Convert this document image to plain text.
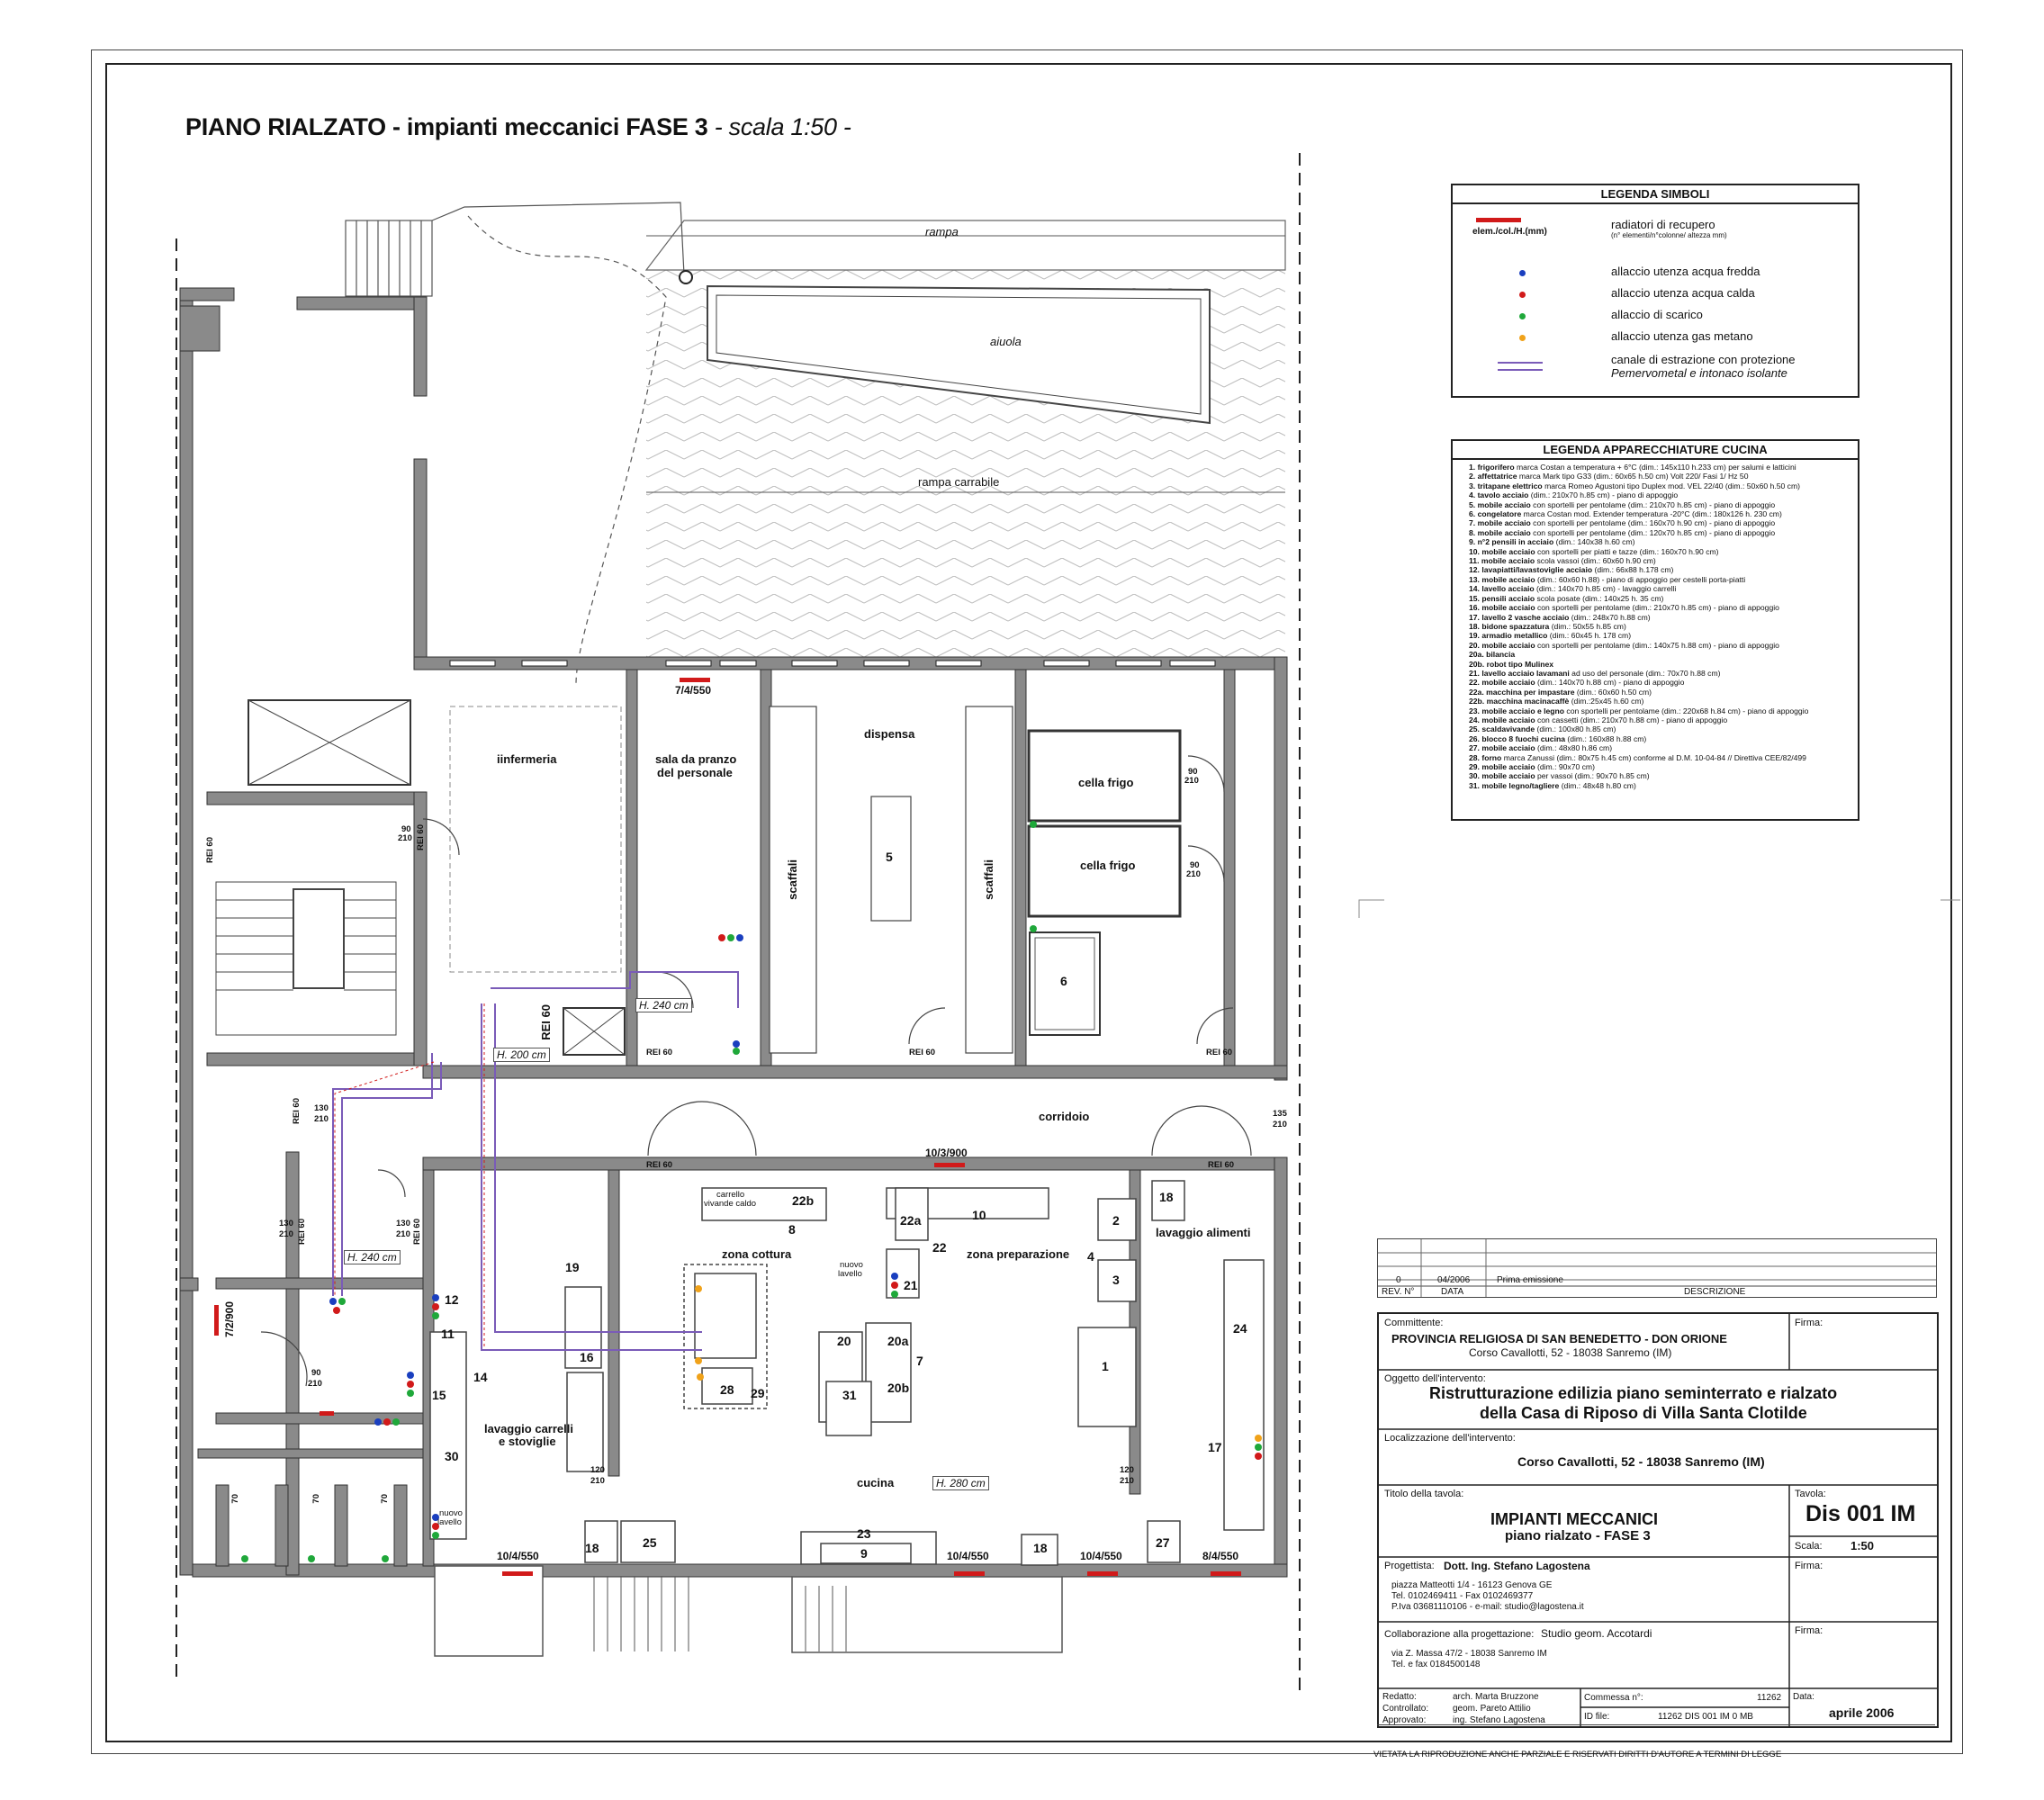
PIANO RIALZATO - impianti meccanici FASE 3 - scala 1:50 -
rampa
aiuola
rampa carrabile
iinfermeria	sala da pranzo
del personale
dispensa
scaffali	scaffali
cella frigo
cella frigo
corridoio
zona cottura	zona preparazione
lavaggio alimenti
lavaggio carrelli
e stoviglie
cucina
carrello
vivande caldo
nuovo
lavello
nuovo
lavello
H. 240 cm
H. 200 cm
H. 240 cm
H. 280 cm
REI 60	REI 60
REI 60
REI 60	REI 60	REI 60
REI 60	REI 60
REI 60
REI 60	REI 60
90
210
90
210
90
210
130
210
135
210
130
210
130
210
90
210
120
210
120
210
70	70	70
7/4/550
10/3/900
7/2/900
10/4/550	10/4/550	10/4/550	8/4/550
5
6
1
2
3
4
7
8
9
10
11
12
14
15
16
17
18
19
20
21
22
22a
22b
23
24
25	27
28 29
30
31
20a
20b
18
18
LEGENDA SIMBOLI
elem./col./H.(mm)
radiatori di recupero
(n° elementi/n°colonne/ altezza mm)
allaccio utenza acqua fredda
allaccio utenza acqua calda
allaccio di scarico
allaccio utenza gas metano
canale di estrazione con protezione
Pemervometal e intonaco isolante
LEGENDA APPARECCHIATURE CUCINA
1. frigorifero marca Costan a temperatura + 6°C (dim.: 145x110 h.233 cm) per salumi e latticini
2. affettatrice marca Mark tipo G33 (dim.: 60x65 h.50 cm) Volt 220/ Fasi 1/ Hz 50
3. tritapane elettrico marca Romeo Agustoni tipo Duplex mod. VEL 22/40 (dim.: 50x60 h.50 cm)
4. tavolo acciaio (dim.: 210x70 h.85 cm) - piano di appoggio
5. mobile acciaio con sportelli per pentolame (dim.: 210x70 h.85 cm) - piano di appoggio
6. congelatore marca Costan mod. Extender temperatura -20°C (dim.: 180x126 h. 230 cm)
7. mobile acciaio con sportelli per pentolame (dim.: 160x70 h.90 cm) - piano di appoggio
8. mobile acciaio con sportelli per pentolame (dim.: 120x70 h.85 cm) - piano di appoggio
9. n°2 pensili in acciaio (dim.: 140x38 h.60 cm)
10. mobile acciaio con sportelli per piatti e tazze (dim.: 160x70 h.90 cm)
11. mobile acciaio scola vassoi (dim.: 60x60 h.90 cm)
12. lavapiatti/lavastoviglie acciaio (dim.: 66x88 h.178 cm)
13. mobile acciaio (dim.: 60x60 h.88) - piano di appoggio per cestelli porta-piatti
14. lavello acciaio (dim.: 140x70 h.85 cm) - lavaggio carrelli
15. pensili acciaio scola posate (dim.: 140x25 h. 35 cm)
16. mobile acciaio con sportelli per pentolame (dim.: 210x70 h.85 cm) - piano di appoggio
17. lavello 2 vasche acciaio (dim.: 248x70 h.88 cm)
18. bidone spazzatura (dim.: 50x55 h.85 cm)
19. armadio metallico (dim.: 60x45 h. 178 cm)
20. mobile acciaio con sportelli per pentolame (dim.: 140x75 h.88 cm) - piano di appoggio
20a. bilancia
20b. robot tipo Mulinex
21. lavello acciaio lavamani ad uso del personale (dim.: 70x70 h.88 cm)
22. mobile acciaio (dim.: 140x70 h.88 cm) - piano di appoggio
22a. macchina per impastare (dim.: 60x60 h.50 cm)
22b. macchina macinacaffè (dim.:25x45 h.60 cm)
23. mobile acciaio e legno con sportelli per pentolame (dim.: 220x68 h.84 cm) - piano di appoggio
24. mobile acciaio con cassetti (dim.: 210x70 h.88 cm) - piano di appoggio
25. scaldavivande (dim.: 100x80 h.85 cm)
26. blocco 8 fuochi cucina (dim.: 160x88 h.88 cm)
27. mobile acciaio (dim.: 48x80 h.86 cm)
28. forno marca Zanussi (dim.: 80x75 h.45 cm) conforme al D.M. 10-04-84 // Direttiva CEE/82/499
29. mobile acciaio (dim.: 90x70 cm)
30. mobile acciaio per vassoi (dim.: 90x70 h.85 cm)
31. mobile legno/tagliere (dim.: 48x48 h.80 cm)
0	04/2006	Prima emissione
REV. N°	DATA	DESCRIZIONE
Committente:
PROVINCIA RELIGIOSA DI SAN BENEDETTO - DON ORIONE
Corso Cavallotti, 52 - 18038 Sanremo (IM)
Firma:
Oggetto dell'intervento:
Ristrutturazione edilizia piano seminterrato e rialzato
della Casa di Riposo di Villa Santa Clotilde
Localizzazione dell'intervento:
Corso Cavallotti, 52 - 18038 Sanremo (IM)
Titolo della tavola:
IMPIANTI MECCANICI
piano rialzato - FASE 3
Tavola:
Dis 001 IM
Scala: 1:50
Progettista: Dott. Ing. Stefano Lagostena
piazza Matteotti 1/4 - 16123 Genova GE
Tel. 0102469411 - Fax 0102469377
P.Iva 03681110106 - e-mail: studio@lagostena.it
Firma:
Collaborazione alla progettazione: Studio geom. Accotardi
via Z. Massa 47/2 - 18038 Sanremo IM
Tel. e fax 0184500148
Firma:
Redatto:	arch. Marta Bruzzone
Controllato:	geom. Pareto Attilio
Approvato:	ing. Stefano Lagostena
Commessa n°:	11262
ID file:	11262 DIS 001 IM 0 MB
Data:
aprile 2006
VIETATA LA RIPRODUZIONE ANCHE PARZIALE E RISERVATI DIRITTI D'AUTORE A TERMINI DI LEGGE
